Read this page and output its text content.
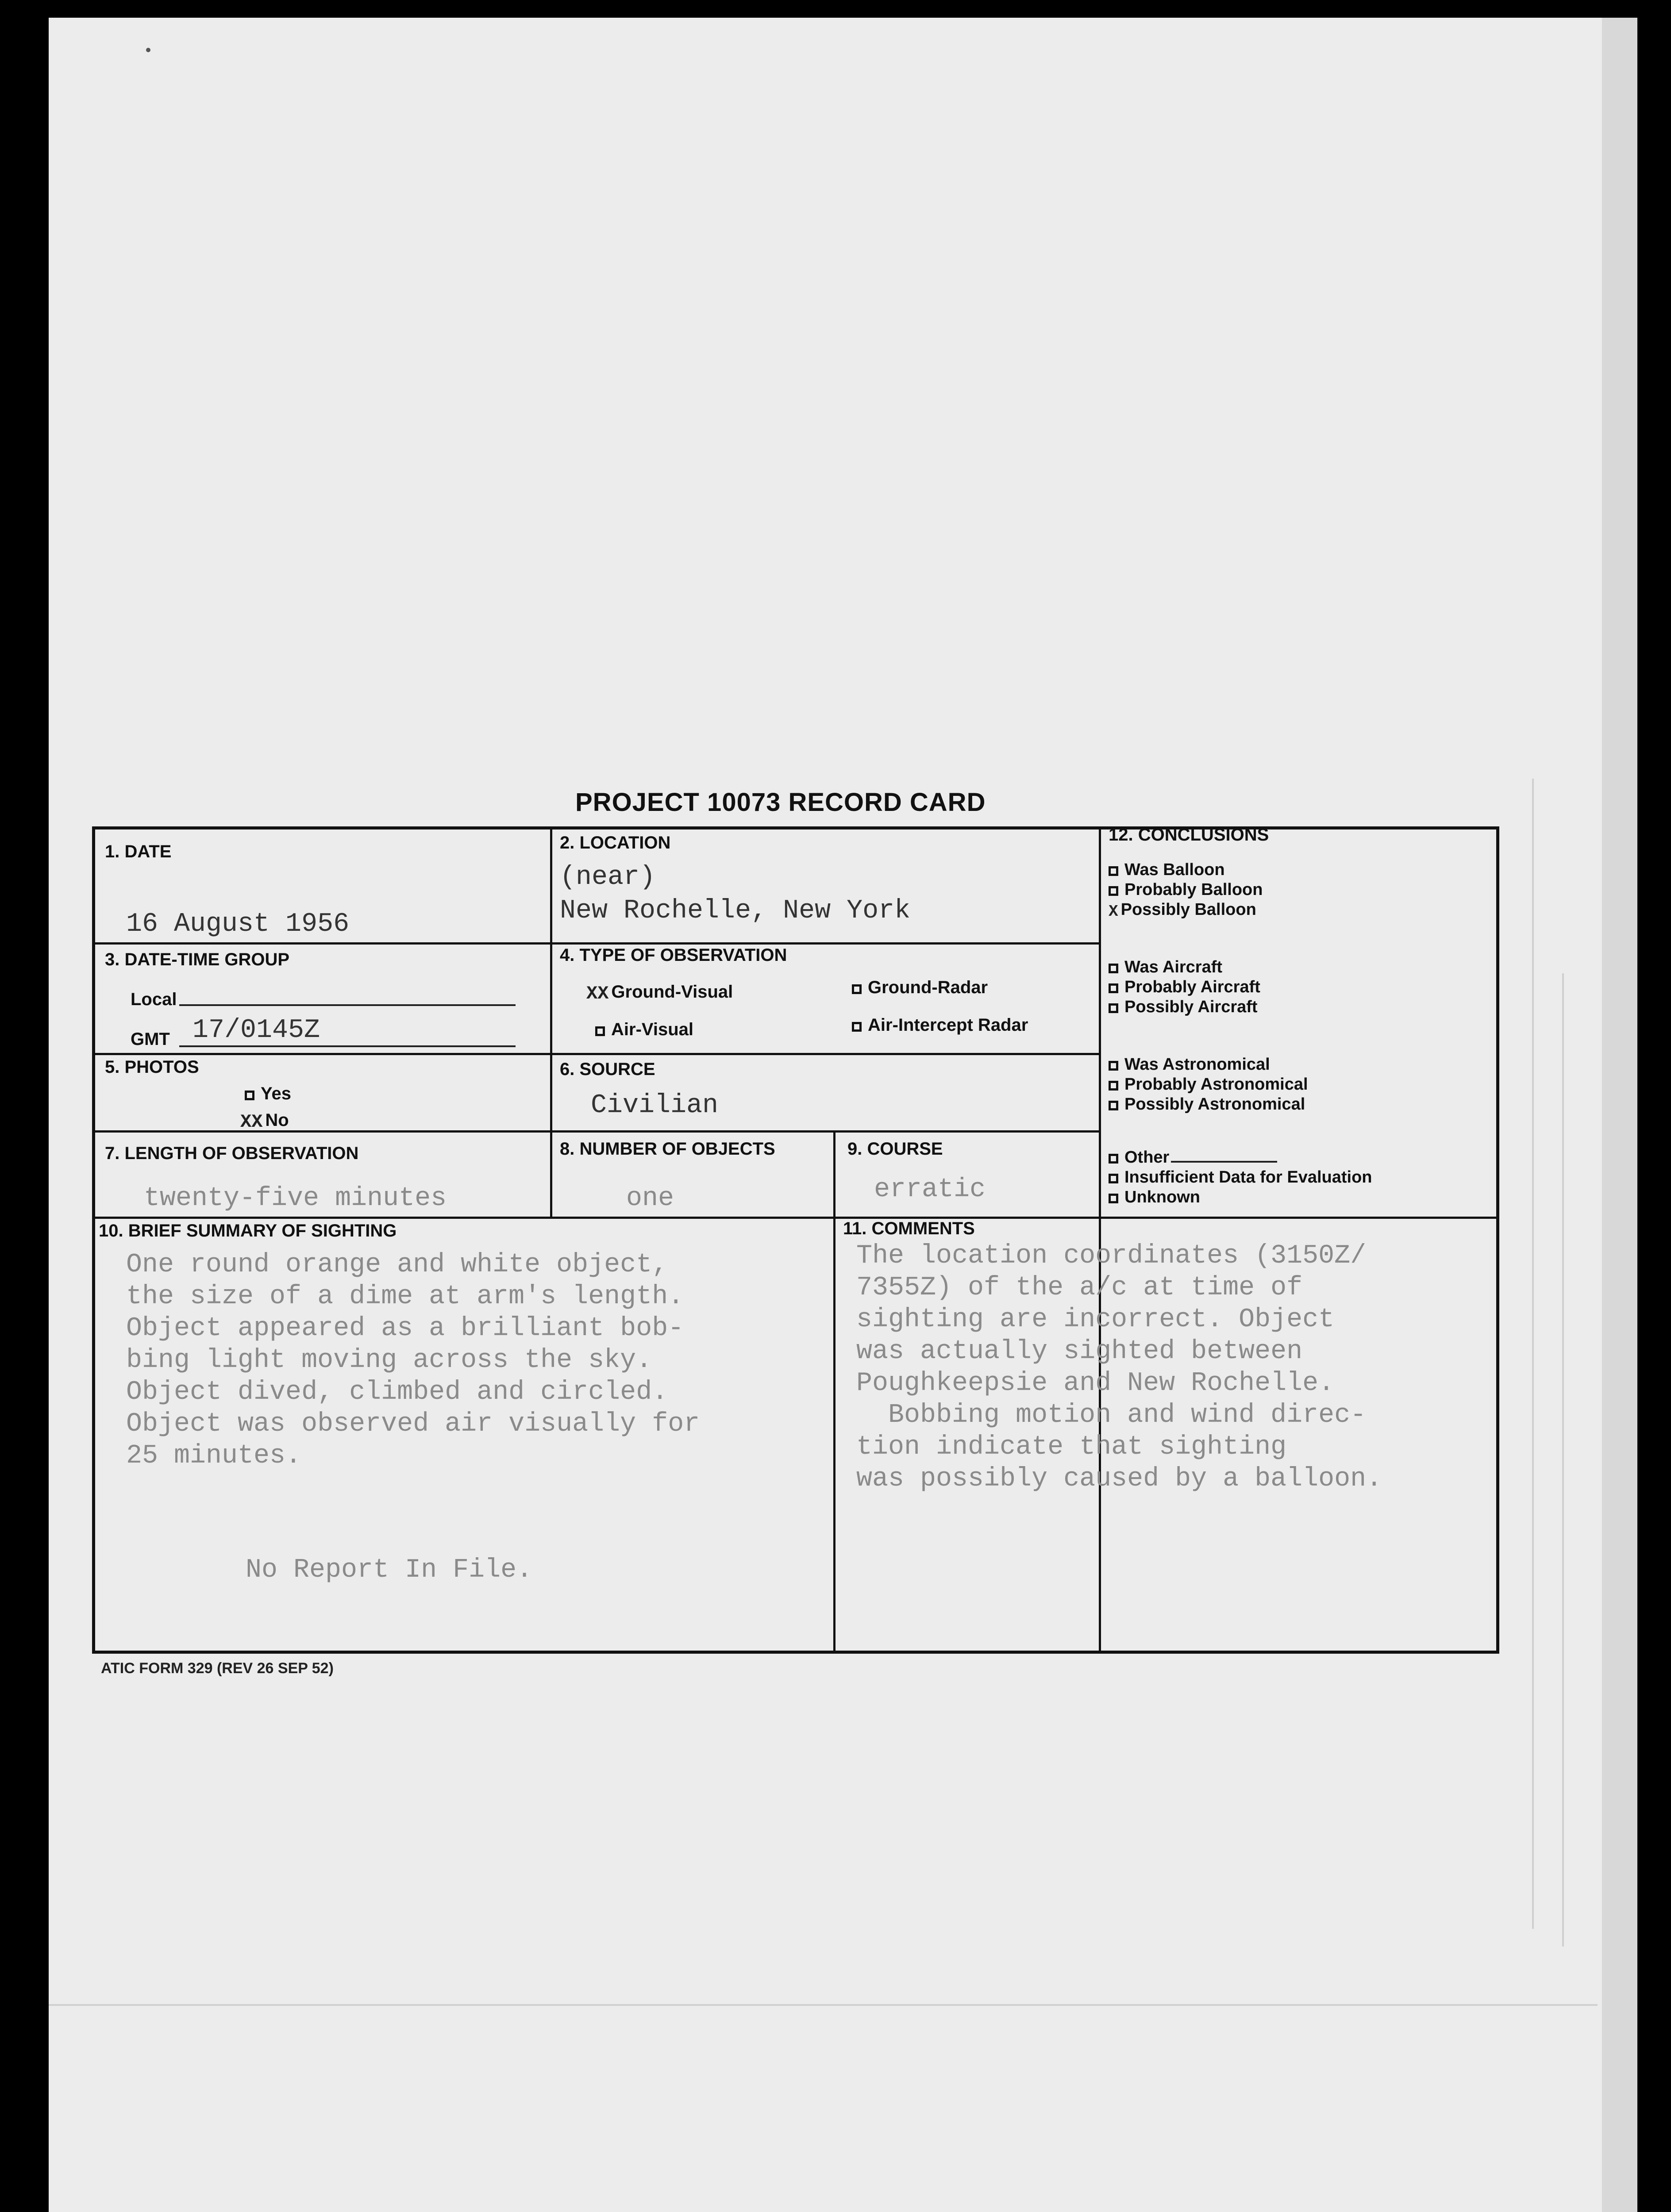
PROJECT 10073 RECORD CARD
1. DATE
16 August 1956
2. LOCATION
(near)
New Rochelle, New York
3. DATE-TIME GROUP
Local
GMT 17/0145Z
4. TYPE OF OBSERVATION
XX Ground-Visual	Ground-Radar
Air-Visual	Air-Intercept Radar
5. PHOTOS
Yes
XX No
6. SOURCE
Civilian
7. LENGTH OF OBSERVATION
twenty-five minutes
8. NUMBER OF OBJECTS
one
9. COURSE
erratic
10. BRIEF SUMMARY OF SIGHTING
One round orange and white object,
the size of a dime at arm's length.
Object appeared as a brilliant bob-
bing light moving across the sky.
Object dived, climbed and circled.
Object was observed air visually for
25 minutes.
No Report In File.
11. COMMENTS
The location coordinates (3150Z/
7355Z) of the a/c at time of
sighting are incorrect. Object
was actually sighted between
Poughkeepsie and New Rochelle.
Bobbing motion and wind direc-
tion indicate that sighting
was possibly caused by a balloon.
12. CONCLUSIONS
Was Balloon
Probably Balloon
X Possibly Balloon
Was Aircraft
Probably Aircraft
Possibly Aircraft
Was Astronomical
Probably Astronomical
Possibly Astronomical
Other
Insufficient Data for Evaluation
Unknown
ATIC FORM 329 (REV 26 SEP 52)
